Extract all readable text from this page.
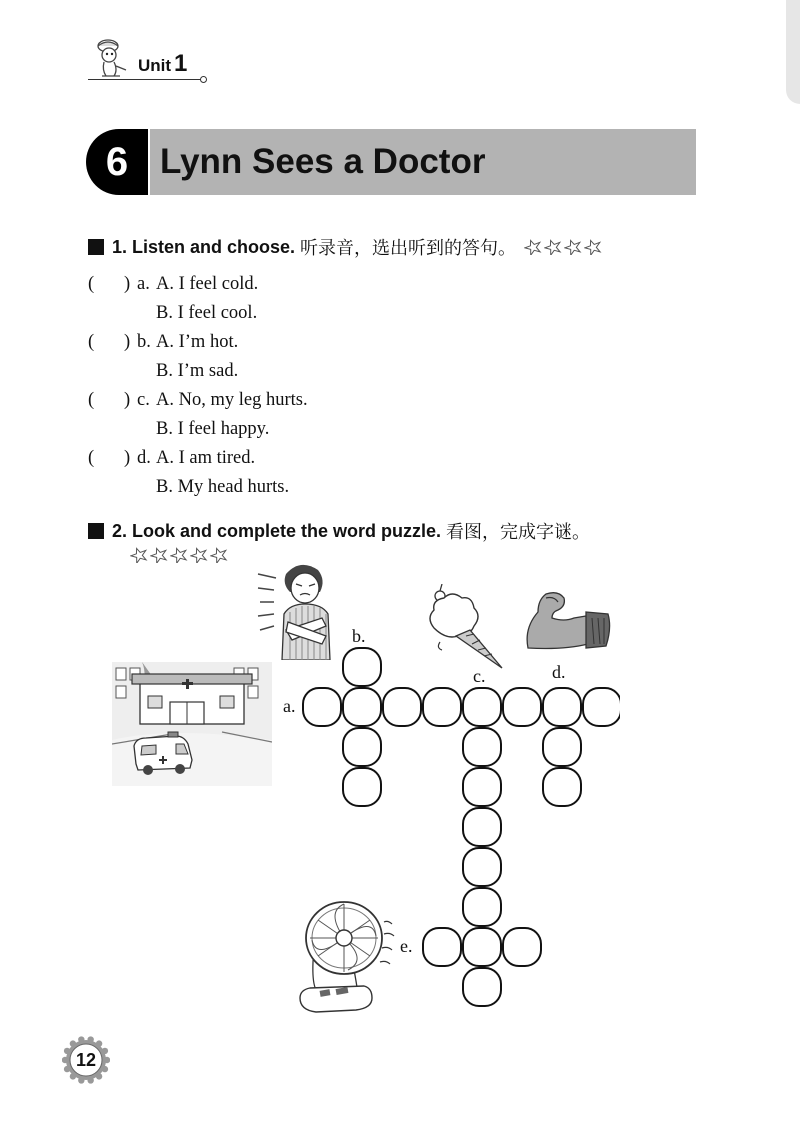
Unit 1
6 Lynn Sees a Doctor
1. Listen and choose. 听录音，选出听到的答句。
( ) a. A. I feel cold.
B. I feel cool.
( ) b. A. I’m hot.
B. I’m sad.
( ) c. A. No, my leg hurts.
B. I feel happy.
( ) d. A. I am tired.
B. My head hurts.
2. Look and complete the word puzzle. 看图，完成字谜。
b.
c.	d.
a.
e.
12
